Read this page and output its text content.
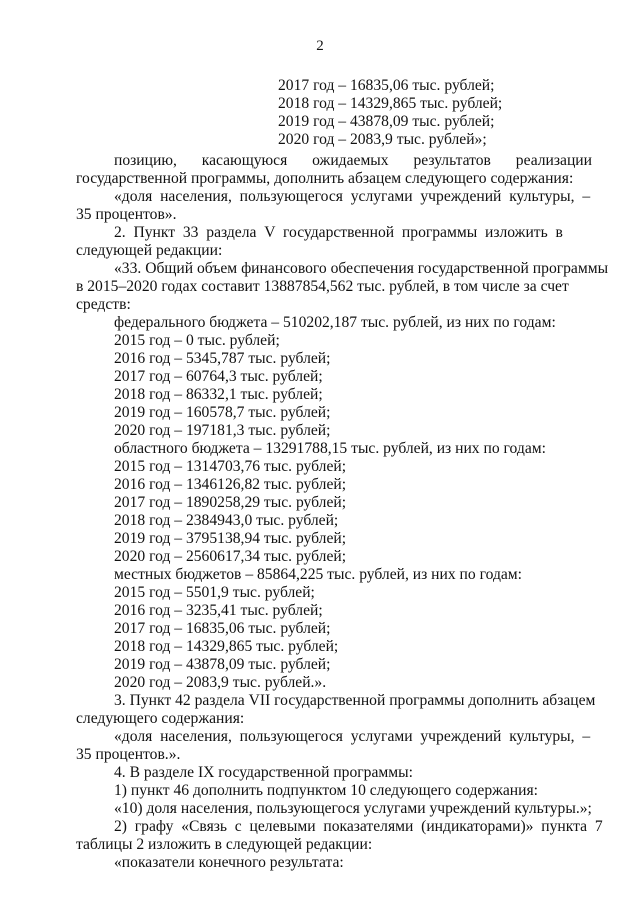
2
2017 год – 16835,06 тыс. рублей;
2018 год – 14329,865 тыс. рублей;
2019 год – 43878,09 тыс. рублей;
2020 год – 2083,9 тыс. рублей»;
позицию,      касающуюся      ожидаемых      результатов      реализации
государственной программы, дополнить абзацем следующего содержания:
«доля  населения,  пользующегося  услугами  учреждений  культуры,  –
35 процентов».
2.  Пункт  33  раздела  V  государственной  программы  изложить  в
следующей редакции:
«33. Общий объем финансового обеспечения государственной программы
в 2015–2020 годах составит 13887854,562 тыс. рублей, в том числе за счет
средств:
федерального бюджета – 510202,187 тыс. рублей, из них по годам:
2015 год – 0 тыс. рублей;
2016 год – 5345,787 тыс. рублей;
2017 год – 60764,3 тыс. рублей;
2018 год – 86332,1 тыс. рублей;
2019 год – 160578,7 тыс. рублей;
2020 год – 197181,3 тыс. рублей;
областного бюджета – 13291788,15 тыс. рублей, из них по годам:
2015 год – 1314703,76 тыс. рублей;
2016 год – 1346126,82 тыс. рублей;
2017 год – 1890258,29 тыс. рублей;
2018 год – 2384943,0 тыс. рублей;
2019 год – 3795138,94 тыс. рублей;
2020 год – 2560617,34 тыс. рублей;
местных бюджетов – 85864,225 тыс. рублей, из них по годам:
2015 год – 5501,9 тыс. рублей;
2016 год – 3235,41 тыс. рублей;
2017 год – 16835,06 тыс. рублей;
2018 год – 14329,865 тыс. рублей;
2019 год – 43878,09 тыс. рублей;
2020 год – 2083,9 тыс. рублей.».
3. Пункт 42 раздела VII государственной программы дополнить абзацем
следующего содержания:
«доля  населения,  пользующегося  услугами  учреждений  культуры,  –
35 процентов.».
4. В разделе IX государственной программы:
1) пункт 46 дополнить подпунктом 10 следующего содержания:
«10) доля населения, пользующегося услугами учреждений культуры.»;
2)  графу  «Связь  с  целевыми  показателями  (индикаторами)»  пункта  7
таблицы 2 изложить в следующей редакции:
«показатели конечного результата:
